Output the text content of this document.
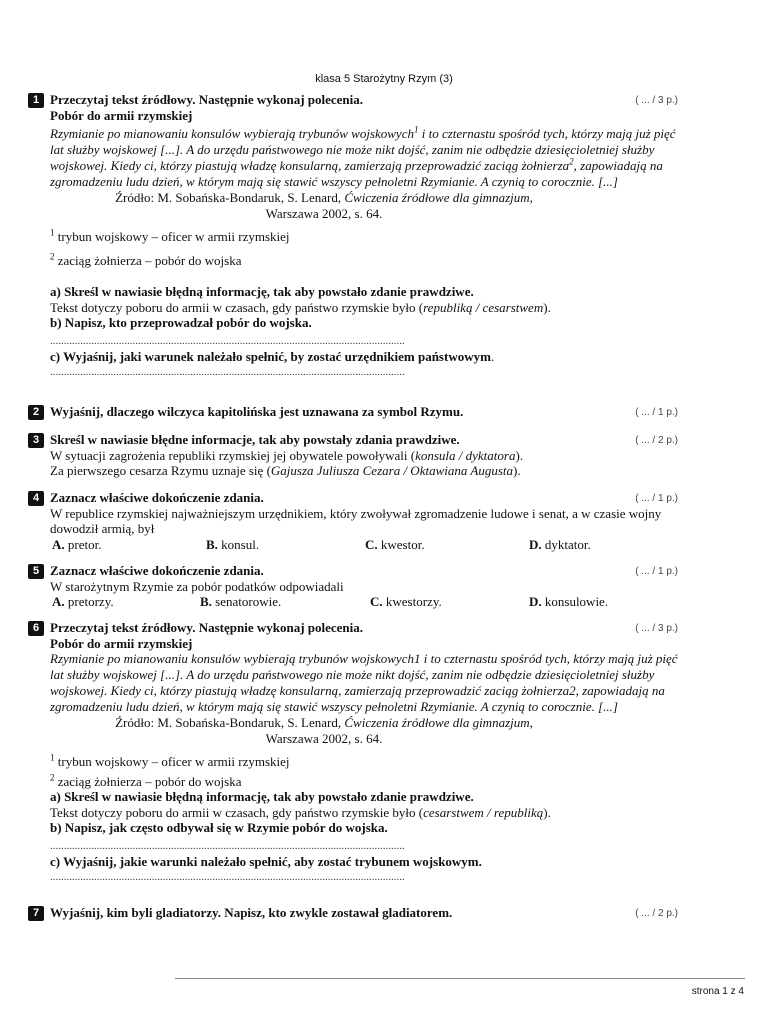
klasa 5 Starożytny Rzym (3)
1 Przeczytaj tekst źródłowy. Następnie wykonaj polecenia.
Pobór do armii rzymskiej
Rzymianie po mianowaniu konsulów wybierają trybunów wojskowych$^1$ i to czternastu spośród tych, którzy mają już pięć lat służby wojskowej [...]. A do urzędu państwowego nie może nikt dojść, zanim nie odbędzie dziesięcioletniej służby wojskowej. Kiedy ci, którzy piastują władzę konsularną, zamierzają przeprowadzić zaciąg żołnierza$^2$, zapowiadają na zgromadzeniu ludu dzień, w którym mają się stawić wszyscy pełnoletni Rzymianie. A czynią to corocznie. [...]
Źródło: M. Sobańska-Bondaruk, S. Lenard, Ćwiczenia źródłowe dla gimnazjum, Warszawa 2002, s. 64.
$^1$ trybun wojskowy – oficer w armii rzymskiej
$^2$ zaciąg żołnierza – pobór do wojska
a) Skreśl w nawiasie błędną informację, tak aby powstało zdanie prawdziwe.
Tekst dotyczy poboru do armii w czasach, gdy państwo rzymskie było (republiką / cesarstwem).
b) Napisz, kto przeprowadzał pobór do wojska.
.................................................................................................................................
c) Wyjaśnij, jaki warunek należało spełnić, by zostać urzędnikiem państwowym.
.................................................................................................................................
( ... / 3 p.)
2 Wyjaśnij, dlaczego wilczyca kapitolińska jest uznawana za symbol Rzymu.	( ... / 1 p.)
3 Skreśl w nawiasie błędne informacje, tak aby powstały zdania prawdziwe.
W sytuacji zagrożenia republiki rzymskiej jej obywatele powoływali (konsula / dyktatora).
Za pierwszego cesarza Rzymu uznaje się (Gajusza Juliusza Cezara / Oktawiana Augusta).
( ... / 2 p.)
4 Zaznacz właściwe dokończenie zdania.
W republice rzymskiej najważniejszym urzędnikiem, który zwoływał zgromadzenie ludowe i senat, a w czasie wojny dowodził armią, był
A. pretor.	B. konsul.	C. kwestor.	D. dyktator.
( ... / 1 p.)
5 Zaznacz właściwe dokończenie zdania.
W starożytnym Rzymie za pobór podatków odpowiadali
A. pretorzy.	B. senatorowie.	C. kwestorzy.	D. konsulowie.
( ... / 1 p.)
6 Przeczytaj tekst źródłowy. Następnie wykonaj polecenia.
Pobór do armii rzymskiej
Rzymianie po mianowaniu konsulów wybierają trybunów wojskowych1 i to czternastu spośród tych, którzy mają już pięć lat służby wojskowej [...]. A do urzędu państwowego nie może nikt dojść, zanim nie odbędzie dziesięcioletniej służby wojskowej. Kiedy ci, którzy piastują władzę konsularną, zamierzają przeprowadzić zaciąg żołnierza2, zapowiadają na zgromadzeniu ludu dzień, w którym mają się stawić wszyscy pełnoletni Rzymianie. A czynią to corocznie. [...]
Źródło: M. Sobańska-Bondaruk, S. Lenard, Ćwiczenia źródłowe dla gimnazjum, Warszawa 2002, s. 64.
$^1$ trybun wojskowy – oficer w armii rzymskiej
$^2$ zaciąg żołnierza – pobór do wojska
a) Skreśl w nawiasie błędną informację, tak aby powstało zdanie prawdziwe.
Tekst dotyczy poboru do armii w czasach, gdy państwo rzymskie było (cesarstwem / republiką).
b) Napisz, jak często odbywał się w Rzymie pobór do wojska.
.................................................................................................................................
c) Wyjaśnij, jakie warunki należało spełnić, aby zostać trybunem wojskowym.
.................................................................................................................................
( ... / 3 p.)
7 Wyjaśnij, kim byli gladiatorzy. Napisz, kto zwykle zostawał gladiatorem.	( ... / 2 p.)
strona 1 z 4
